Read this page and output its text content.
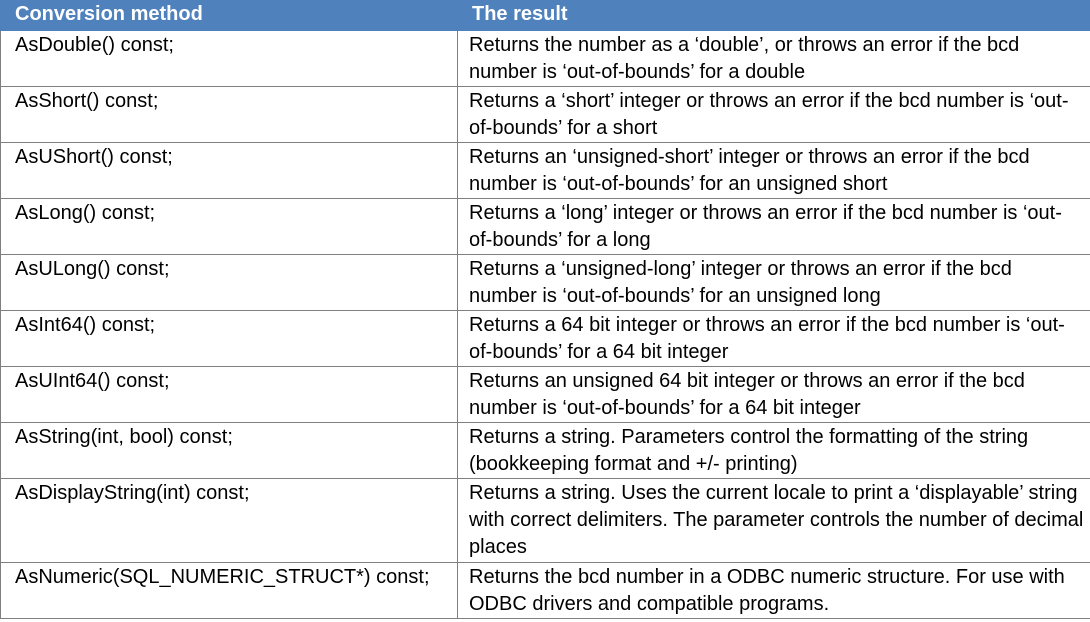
Conversion method	The result
AsDouble() const;	Returns the number as a ‘double’, or throws an error if the bcd number is ‘out-of-bounds’ for a double
AsShort() const;	Returns a ‘short’ integer or throws an error if the bcd number is ‘out-of-bounds’ for a short
AsUShort() const;	Returns an ‘unsigned-short’ integer or throws an error if the bcd number is ‘out-of-bounds’ for an unsigned short
AsLong() const;	Returns a ‘long’ integer or throws an error if the bcd number is ‘out-of-bounds’ for a long
AsULong() const;	Returns a ‘unsigned-long’ integer or throws an error if the bcd number is ‘out-of-bounds’ for an unsigned long
AsInt64() const;	Returns a 64 bit integer or throws an error if the bcd number is ‘out-of-bounds’ for a 64 bit integer
AsUInt64() const;	Returns an unsigned 64 bit integer or throws an error if the bcd number is ‘out-of-bounds’ for a 64 bit integer
AsString(int, bool) const;	Returns a string. Parameters control the formatting of the string (bookkeeping format and +/- printing)
AsDisplayString(int) const;	Returns a string. Uses the current locale to print a ‘displayable’ string with correct delimiters. The parameter controls the number of decimal places
AsNumeric(SQL_NUMERIC_STRUCT*) const;	Returns the bcd number in a ODBC numeric structure. For use with ODBC drivers and compatible programs.
